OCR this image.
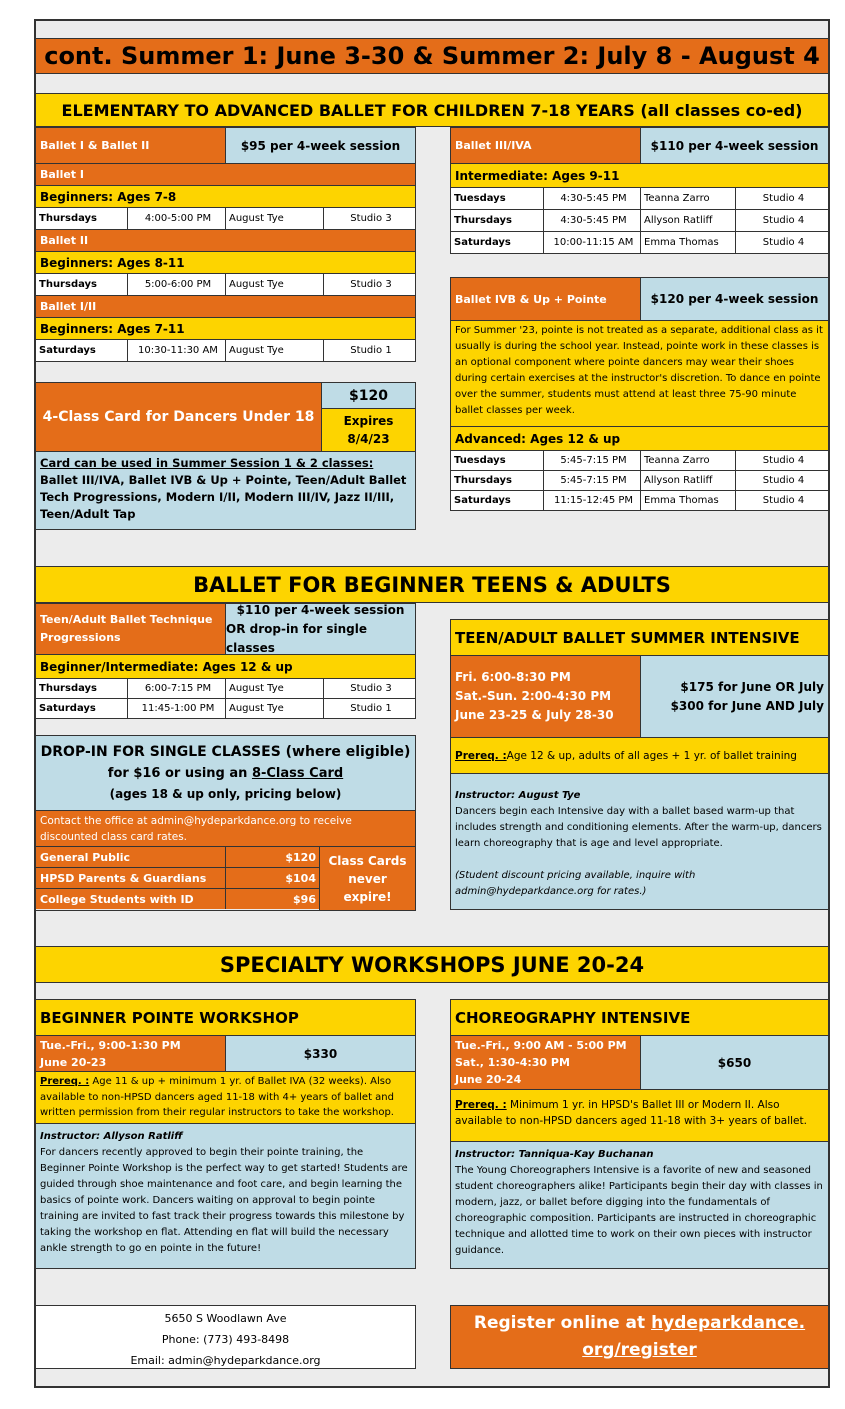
cont. Summer 1: June 3-30 & Summer 2: July 8 - August 4
ELEMENTARY TO ADVANCED BALLET FOR CHILDREN 7-18 YEARS (all classes co-ed)
Ballet I & Ballet II	$95 per 4-week session
Ballet I
Beginners: Ages 7-8
Thursdays	4:00-5:00 PM	August Tye	Studio 3
Ballet II
Beginners: Ages 8-11
Thursdays	5:00-6:00 PM	August Tye	Studio 3
Ballet I/II
Beginners: Ages 7-11
Saturdays	10:30-11:30 AM	August Tye	Studio 1
4-Class Card for Dancers Under 18
$120
Expires 8/4/23
Card can be used in Summer Session 1 & 2 classes:
Ballet III/IVA, Ballet IVB & Up + Pointe, Teen/Adult Ballet Tech Progressions, Modern I/II, Modern III/IV, Jazz II/III, Teen/Adult Tap
Ballet III/IVA	$110 per 4-week session
Intermediate: Ages 9-11
Tuesdays	4:30-5:45 PM	Teanna Zarro	Studio 4
Thursdays	4:30-5:45 PM	Allyson Ratliff	Studio 4
Saturdays	10:00-11:15 AM	Emma Thomas	Studio 4
Ballet IVB & Up + Pointe	$120 per 4-week session
For Summer '23, pointe is not treated as a separate, additional class as it usually is during the school year. Instead, pointe work in these classes is an optional component where pointe dancers may wear their shoes during certain exercises at the instructor's discretion. To dance en pointe over the summer, students must attend at least three 75-90 minute ballet classes per week.
Advanced: Ages 12 & up
Tuesdays	5:45-7:15 PM	Teanna Zarro	Studio 4
Thursdays	5:45-7:15 PM	Allyson Ratliff	Studio 4
Saturdays	11:15-12:45 PM	Emma Thomas	Studio 4
BALLET FOR BEGINNER TEENS & ADULTS
Teen/Adult Ballet Technique Progressions
$110 per 4-week session
OR drop-in for single classes
Beginner/Intermediate: Ages 12 & up
Thursdays	6:00-7:15 PM	August Tye	Studio 3
Saturdays	11:45-1:00 PM	August Tye	Studio 1
DROP-IN FOR SINGLE CLASSES (where eligible)
for $16 or using an 8-Class Card
(ages 18 & up only, pricing below)
Contact the office at admin@hydeparkdance.org to receive discounted class card rates.
General Public	$120
HPSD Parents & Guardians	$104
College Students with ID	$96
Class Cards never expire!
TEEN/ADULT BALLET SUMMER INTENSIVE
Fri. 6:00-8:30 PM
Sat.-Sun. 2:00-4:30 PM
June 23-25 & July 28-30
$175 for June OR July
$300 for June AND July
Prereq. : Age 12 & up, adults of all ages + 1 yr. of ballet training
Instructor: August Tye
Dancers begin each Intensive day with a ballet based warm-up that includes strength and conditioning elements. After the warm-up, dancers learn choreography that is age and level appropriate.
(Student discount pricing available, inquire with admin@hydeparkdance.org for rates.)
SPECIALTY WORKSHOPS JUNE 20-24
BEGINNER POINTE WORKSHOP
Tue.-Fri., 9:00-1:30 PM
June 20-23
$330
Prereq. : Age 11 & up + minimum 1 yr. of Ballet IVA (32 weeks). Also available to non-HPSD dancers aged 11-18 with 4+ years of ballet and written permission from their regular instructors to take the workshop.
Instructor: Allyson Ratliff
For dancers recently approved to begin their pointe training, the Beginner Pointe Workshop is the perfect way to get started! Students are guided through shoe maintenance and foot care, and begin learning the basics of pointe work. Dancers waiting on approval to begin pointe training are invited to fast track their progress towards this milestone by taking the workshop en flat. Attending en flat will build the necessary ankle strength to go en pointe in the future!
CHOREOGRAPHY INTENSIVE
Tue.-Fri., 9:00 AM - 5:00 PM
Sat., 1:30-4:30 PM
June 20-24
$650
Prereq. : Minimum 1 yr. in HPSD's Ballet III or Modern II. Also available to non-HPSD dancers aged 11-18 with 3+ years of ballet.
Instructor: Tanniqua-Kay Buchanan
The Young Choreographers Intensive is a favorite of new and seasoned student choreographers alike! Participants begin their day with classes in modern, jazz, or ballet before digging into the fundamentals of choreographic composition. Participants are instructed in choreographic technique and allotted time to work on their own pieces with instructor guidance.
5650 S Woodlawn Ave
Phone: (773) 493-8498
Email: admin@hydeparkdance.org
Register online at hydeparkdance.
org/register
